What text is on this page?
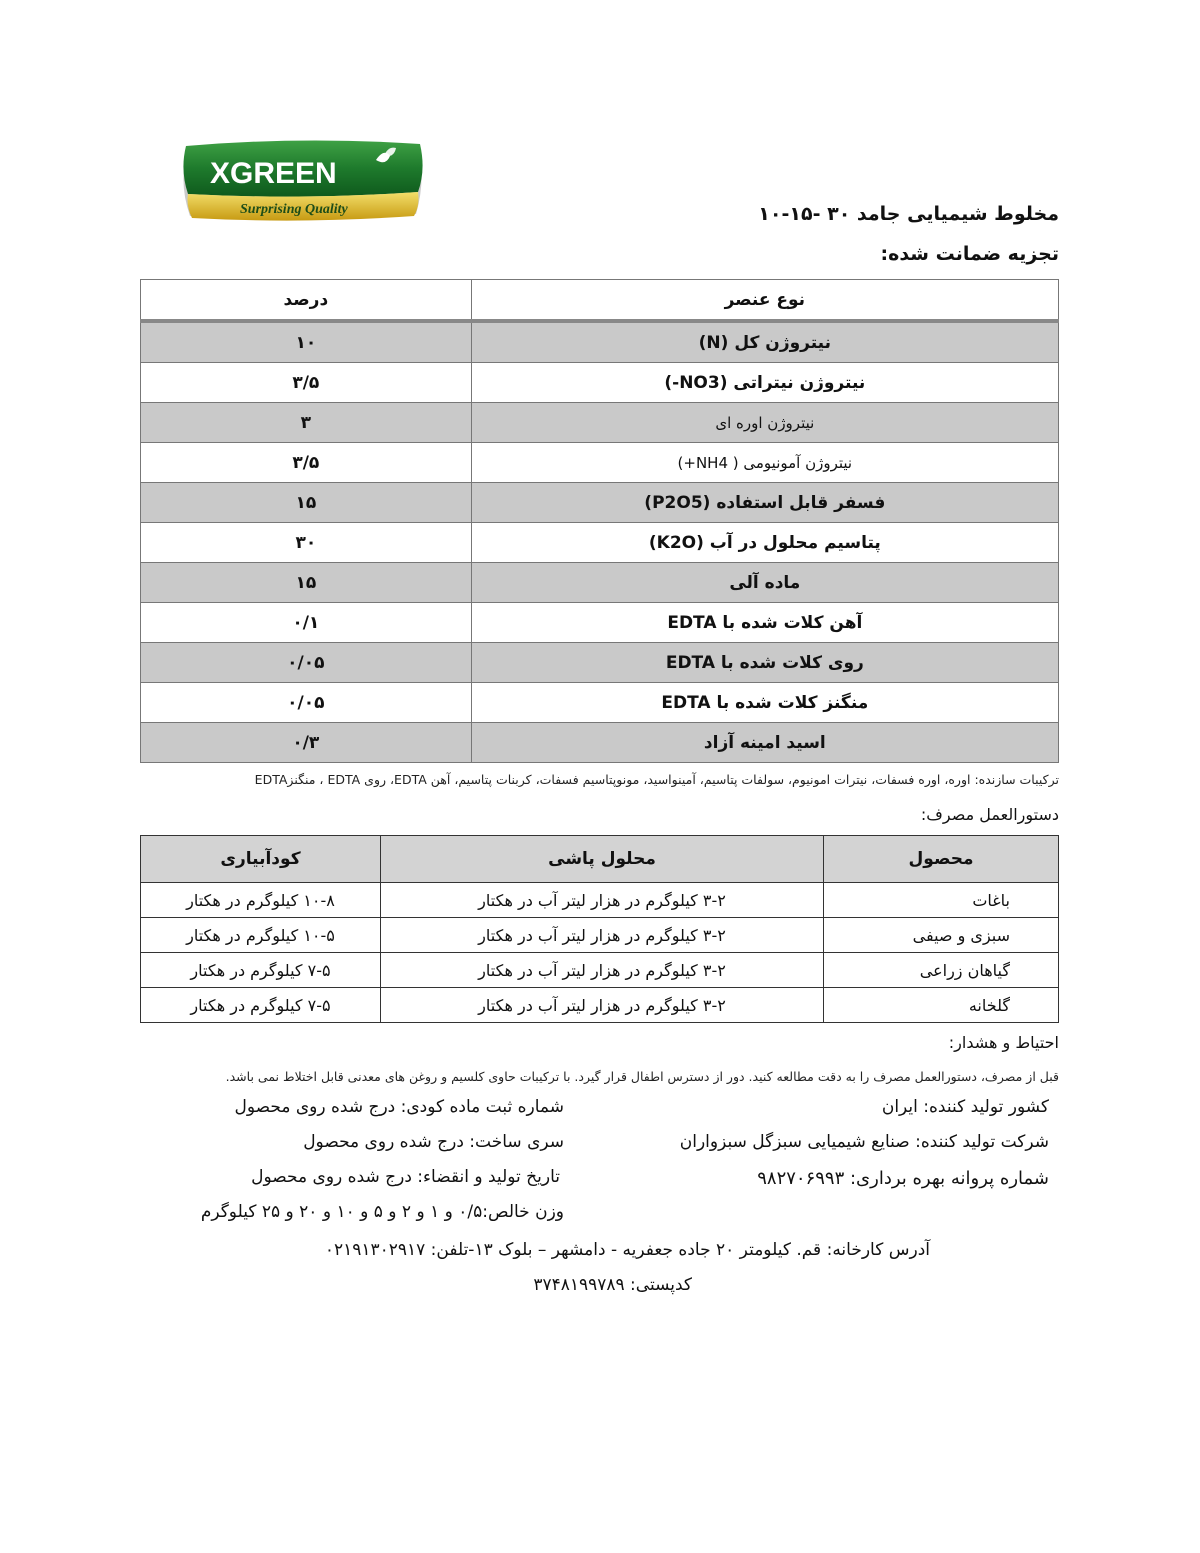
XGREEN
Surprising Quality	مخلوط شیمیایی جامد ۳۰ -۱۵-۱۰
تجزیه ضمانت شده:
نوع عنصر	درصد
نیتروژن کل (N)	۱۰
نیتروژن نیتراتی (NO3-)	۳/۵
نیتروژن اوره ای	۳
نیتروژن آمونیومی ( NH4+)	۳/۵
فسفر قابل استفاده (P2O5)	۱۵
پتاسیم محلول در آب (K2O)	۳۰
ماده آلی	۱۵
آهن کلات شده با EDTA	۰/۱
روی کلات شده با EDTA	۰/۰۵
منگنز کلات شده با EDTA	۰/۰۵
اسید امینه آزاد	۰/۳
ترکیبات سازنده: اوره، اوره فسفات، نیترات امونیوم، سولفات پتاسیم، آمینواسید، مونوپتاسیم فسفات، کربنات پتاسیم، آهن EDTA، روی EDTA ، منگنزEDTA
دستورالعمل مصرف:
محصول	محلول پاشی	کودآبیاری
باغات	۳-۲ کیلوگرم در هزار لیتر آب در هکتار	۱۰-۸ کیلوگرم در هکتار
سبزی و صیفی	۳-۲ کیلوگرم در هزار لیتر آب در هکتار	۱۰-۵ کیلوگرم در هکتار
گیاهان زراعی	۳-۲ کیلوگرم در هزار لیتر آب در هکتار	۷-۵ کیلوگرم در هکتار
گلخانه	۳-۲ کیلوگرم در هزار لیتر آب در هکتار	۷-۵ کیلوگرم در هکتار
احتیاط و هشدار:
قبل از مصرف، دستورالعمل مصرف را به دقت مطالعه کنید. دور از دسترس اطفال قرار گیرد. با ترکیبات حاوی کلسیم و روغن های معدنی قابل اختلاط نمی باشد.
کشور تولید کننده: ایران
شرکت تولید کننده: صنایع شیمیایی سبزگل سبزواران
شماره پروانه بهره برداری: ۹۸۲۷۰۶۹۹۳
شماره ثبت ماده کودی: درج شده روی محصول
سری ساخت: درج شده روی محصول
تاریخ تولید و انقضاء: درج شده روی محصول
وزن خالص:۰/۵ و ۱ و ۲ و ۵ و ۱۰ و ۲۰ و ۲۵ کیلوگرم
آدرس کارخانه: قم. کیلومتر ۲۰ جاده جعفریه - دامشهر – بلوک ۱۳-تلفن: ۰۲۱۹۱۳۰۲۹۱۷
کدپستی: ۳۷۴۸۱۹۹۷۸۹
